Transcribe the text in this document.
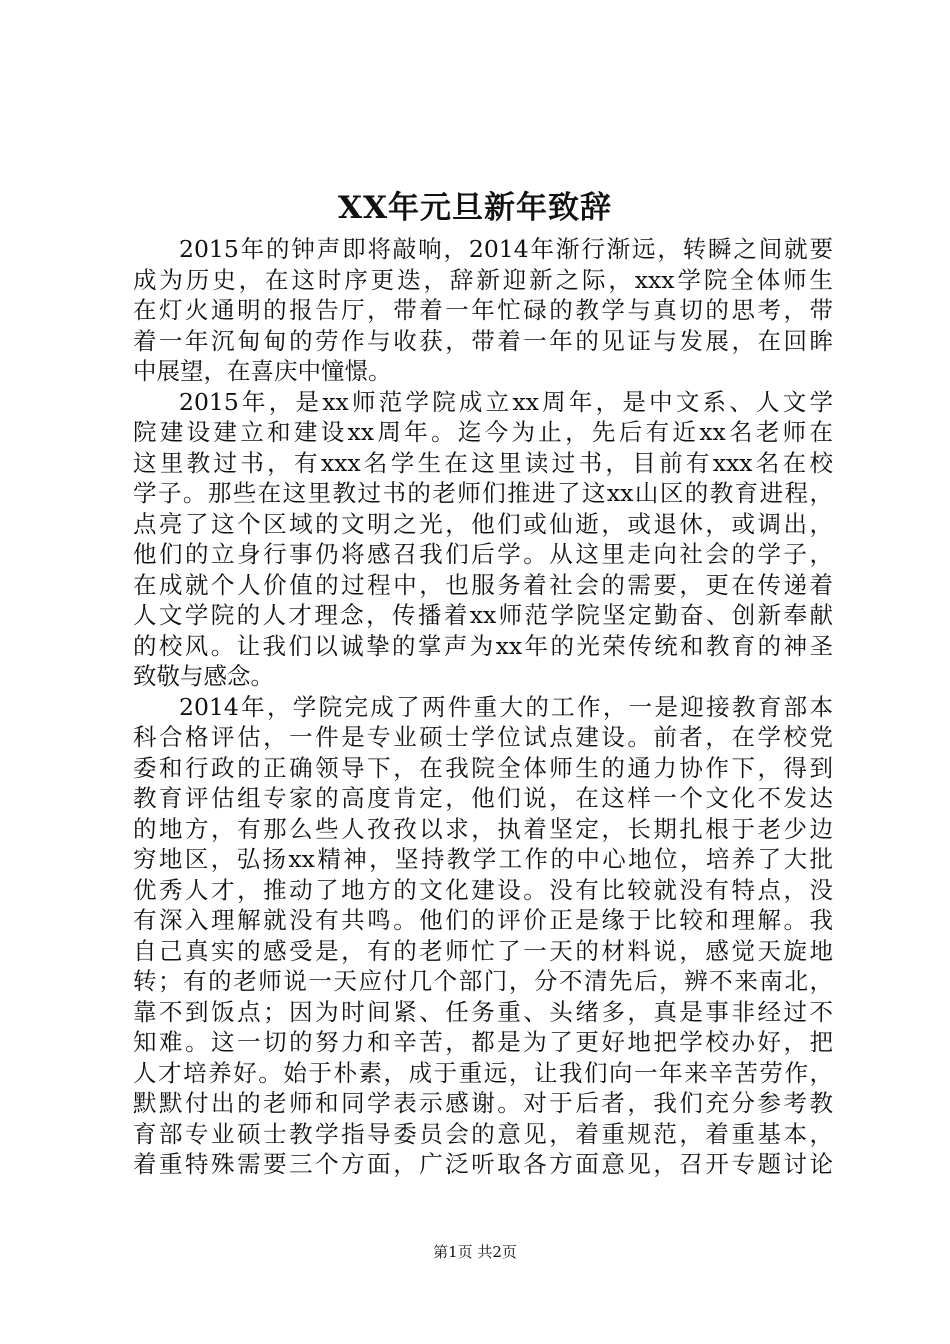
XX年元旦新年致辞
2015年的钟声即将敲响，2014年渐行渐远，转瞬之间就要
成为历史，在这时序更迭，辞新迎新之际，xxx学院全体师生
在灯火通明的报告厅，带着一年忙碌的教学与真切的思考，带
着一年沉甸甸的劳作与收获，带着一年的见证与发展，在回眸
中展望，在喜庆中憧憬。
2015年，是xx师范学院成立xx周年，是中文系、人文学
院建设建立和建设xx周年。迄今为止，先后有近xx名老师在
这里教过书，有xxx名学生在这里读过书，目前有xxx名在校
学子。那些在这里教过书的老师们推进了这xx山区的教育进程，
点亮了这个区域的文明之光，他们或仙逝，或退休，或调出，
他们的立身行事仍将感召我们后学。从这里走向社会的学子，
在成就个人价值的过程中，也服务着社会的需要，更在传递着
人文学院的人才理念，传播着xx师范学院坚定勤奋、创新奉献
的校风。让我们以诚挚的掌声为xx年的光荣传统和教育的神圣
致敬与感念。
2014年，学院完成了两件重大的工作，一是迎接教育部本
科合格评估，一件是专业硕士学位试点建设。前者，在学校党
委和行政的正确领导下，在我院全体师生的通力协作下，得到
教育评估组专家的高度肯定，他们说，在这样一个文化不发达
的地方，有那么些人孜孜以求，执着坚定，长期扎根于老少边
穷地区，弘扬xx精神，坚持教学工作的中心地位，培养了大批
优秀人才，推动了地方的文化建设。没有比较就没有特点，没
有深入理解就没有共鸣。他们的评价正是缘于比较和理解。我
自己真实的感受是，有的老师忙了一天的材料说，感觉天旋地
转；有的老师说一天应付几个部门，分不清先后，辨不来南北，
靠不到饭点；因为时间紧、任务重、头绪多，真是事非经过不
知难。这一切的努力和辛苦，都是为了更好地把学校办好，把
人才培养好。始于朴素，成于重远，让我们向一年来辛苦劳作，
默默付出的老师和同学表示感谢。对于后者，我们充分参考教
育部专业硕士教学指导委员会的意见，着重规范，着重基本，
着重特殊需要三个方面，广泛听取各方面意见，召开专题讨论
第1页 共2页
